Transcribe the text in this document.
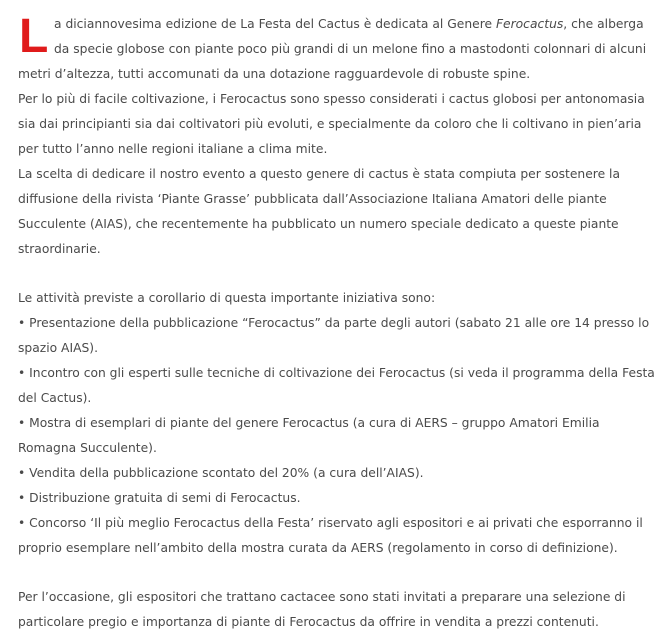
L a diciannovesima edizione de La Festa del Cactus è dedicata al Genere Ferocactus, che alberga
da specie globose con piante poco più grandi di un melone fino a mastodonti colonnari di alcuni
metri d’altezza, tutti accomunati da una dotazione ragguardevole di robuste spine.
Per lo più di facile coltivazione, i Ferocactus sono spesso considerati i cactus globosi per antonomasia
sia dai principianti sia dai coltivatori più evoluti, e specialmente da coloro che li coltivano in pien’aria
per tutto l’anno nelle regioni italiane a clima mite.
La scelta di dedicare il nostro evento a questo genere di cactus è stata compiuta per sostenere la
diffusione della rivista ‘Piante Grasse’ pubblicata dall’Associazione Italiana Amatori delle piante
Succulente (AIAS), che recentemente ha pubblicato un numero speciale dedicato a queste piante
straordinarie.
Le attività previste a corollario di questa importante iniziativa sono:
• Presentazione della pubblicazione “Ferocactus” da parte degli autori (sabato 21 alle ore 14 presso lo
spazio AIAS).
• Incontro con gli esperti sulle tecniche di coltivazione dei Ferocactus (si veda il programma della Festa
del Cactus).
• Mostra di esemplari di piante del genere Ferocactus (a cura di AERS – gruppo Amatori Emilia
Romagna Succulente).
• Vendita della pubblicazione scontato del 20% (a cura dell’AIAS).
• Distribuzione gratuita di semi di Ferocactus.
• Concorso ‘Il più meglio Ferocactus della Festa’ riservato agli espositori e ai privati che esporranno il
proprio esemplare nell’ambito della mostra curata da AERS (regolamento in corso di definizione).
Per l’occasione, gli espositori che trattano cactacee sono stati invitati a preparare una selezione di
particolare pregio e importanza di piante di Ferocactus da offrire in vendita a prezzi contenuti.
